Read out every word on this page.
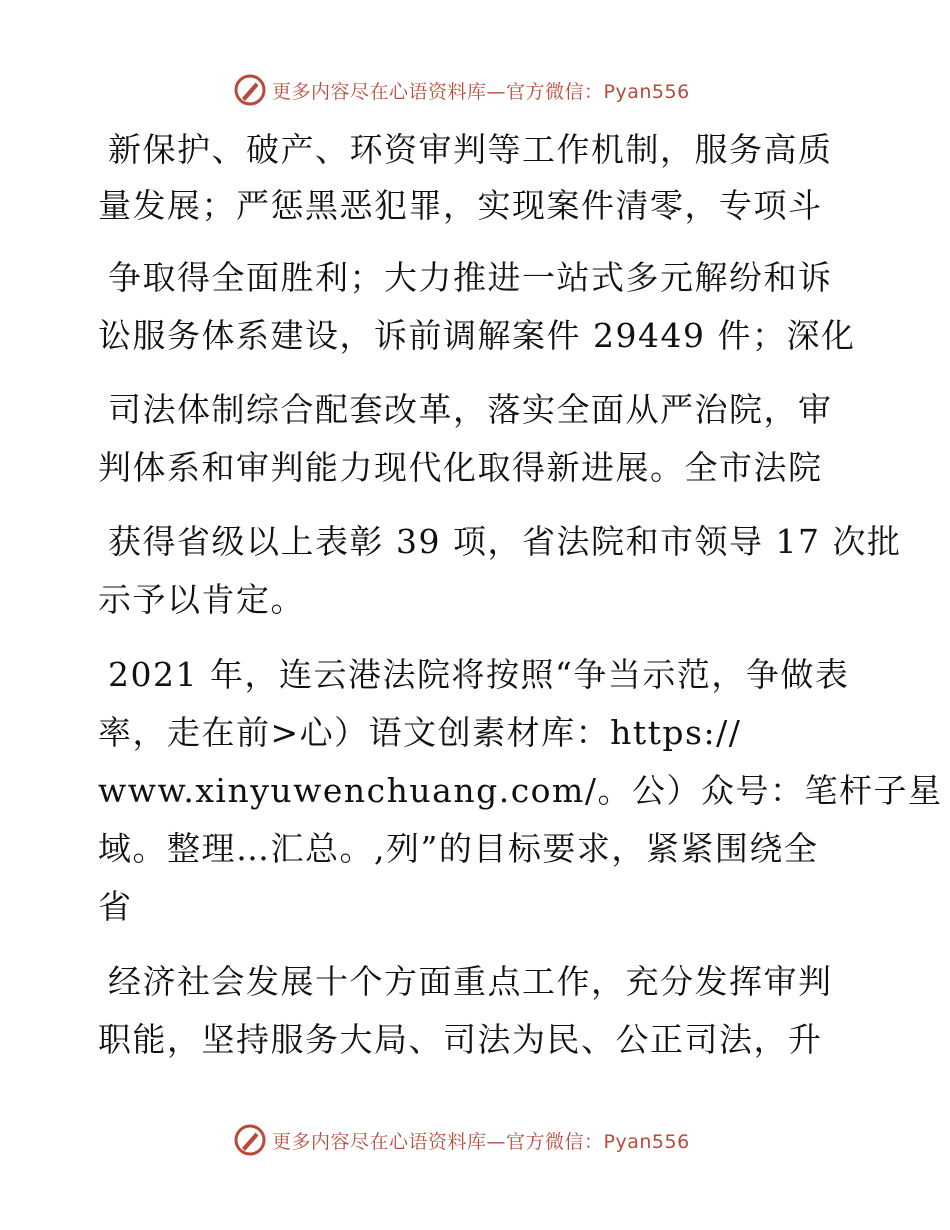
更多内容尽在心语资料库—官方微信：Pyan556
新保护、破产、环资审判等工作机制，服务高质
量发展；严惩黑恶犯罪，实现案件清零，专项斗
争取得全面胜利；大力推进一站式多元解纷和诉
讼服务体系建设，诉前调解案件 29449 件；深化
司法体制综合配套改革，落实全面从严治院，审
判体系和审判能力现代化取得新进展。全市法院
获得省级以上表彰 39 项，省法院和市领导 17 次批
示予以肯定。
2021 年，连云港法院将按照“争当示范，争做表
率，走在前>心）语文创素材库：https://
www.xinyuwenchuang.com/。公）众号：笔杆子星
域。整理…汇总。,列”的目标要求，紧紧围绕全
省
经济社会发展十个方面重点工作，充分发挥审判
职能，坚持服务大局、司法为民、公正司法，升
更多内容尽在心语资料库—官方微信：Pyan556
